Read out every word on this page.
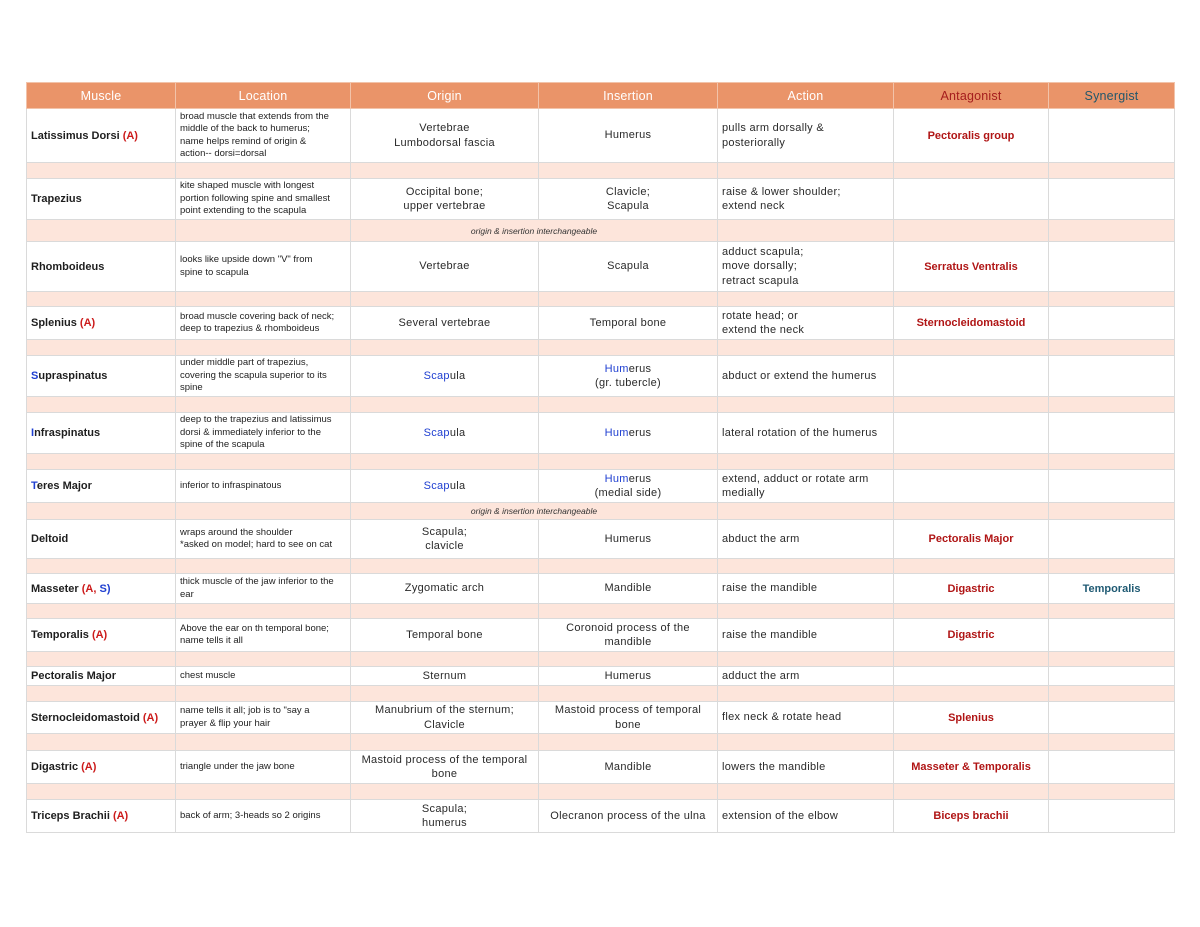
Muscle	Location	Origin	Insertion	Action	Antagonist	Synergist
Latissimus Dorsi (A)	broad muscle that extends from the
middle of the back to humerus;
name helps remind of origin &
action-- dorsi=dorsal	Vertebrae
Lumbodorsal fascia	Humerus	pulls arm dorsally &
posteriorally	Pectoralis group	

Trapezius	kite shaped muscle with longest
portion following spine and smallest
point extending to the scapula	Occipital bone;
upper vertebrae	Clavicle;
Scapula	raise & lower shoulder;
extend neck		
		origin & insertion interchangeable				
Rhomboideus	looks like upside down "V" from
spine to scapula	Vertebrae	Scapula	adduct scapula;
move dorsally;
retract scapula	Serratus Ventralis	

Splenius (A)	broad muscle covering back of neck;
deep to trapezius & rhomboideus	Several vertebrae	Temporal bone	rotate head; or
extend the neck	Sternocleidomastoid	

Supraspinatus	under middle part of trapezius,
covering the scapula superior to its
spine	Scapula	Humerus
(gr. tubercle)	abduct or extend the humerus		

Infraspinatus	deep to the trapezius and latissimus
dorsi & immediately inferior to the
spine of the scapula	Scapula	Humerus	lateral rotation of the humerus		

Teres Major	inferior to infraspinatous	Scapula	Humerus
(medial side)	extend, adduct or rotate arm
medially		
		origin & insertion interchangeable				
Deltoid	wraps around the shoulder
*asked on model; hard to see on cat	Scapula;
clavicle	Humerus	abduct the arm	Pectoralis Major	

Masseter (A, S)	thick muscle of the jaw inferior to the
ear	Zygomatic arch	Mandible	raise the mandible	Digastric	Temporalis

Temporalis (A)	Above the ear on th temporal bone;
name tells it all	Temporal bone	Coronoid process of the
mandible	raise the mandible	Digastric	

Pectoralis Major	chest muscle	Sternum	Humerus	adduct the arm		

Sternocleidomastoid (A)	name tells it all; job is to "say a
prayer & flip your hair	Manubrium of the sternum;
Clavicle	Mastoid process of temporal
bone	flex neck & rotate head	Splenius	

Digastric (A)	triangle under the jaw bone	Mastoid process of the temporal
bone	Mandible	lowers the mandible	Masseter & Temporalis	

Triceps Brachii (A)	back of arm; 3-heads so 2 origins	Scapula;
humerus	Olecranon process of the ulna	extension of the elbow	Biceps brachii	
